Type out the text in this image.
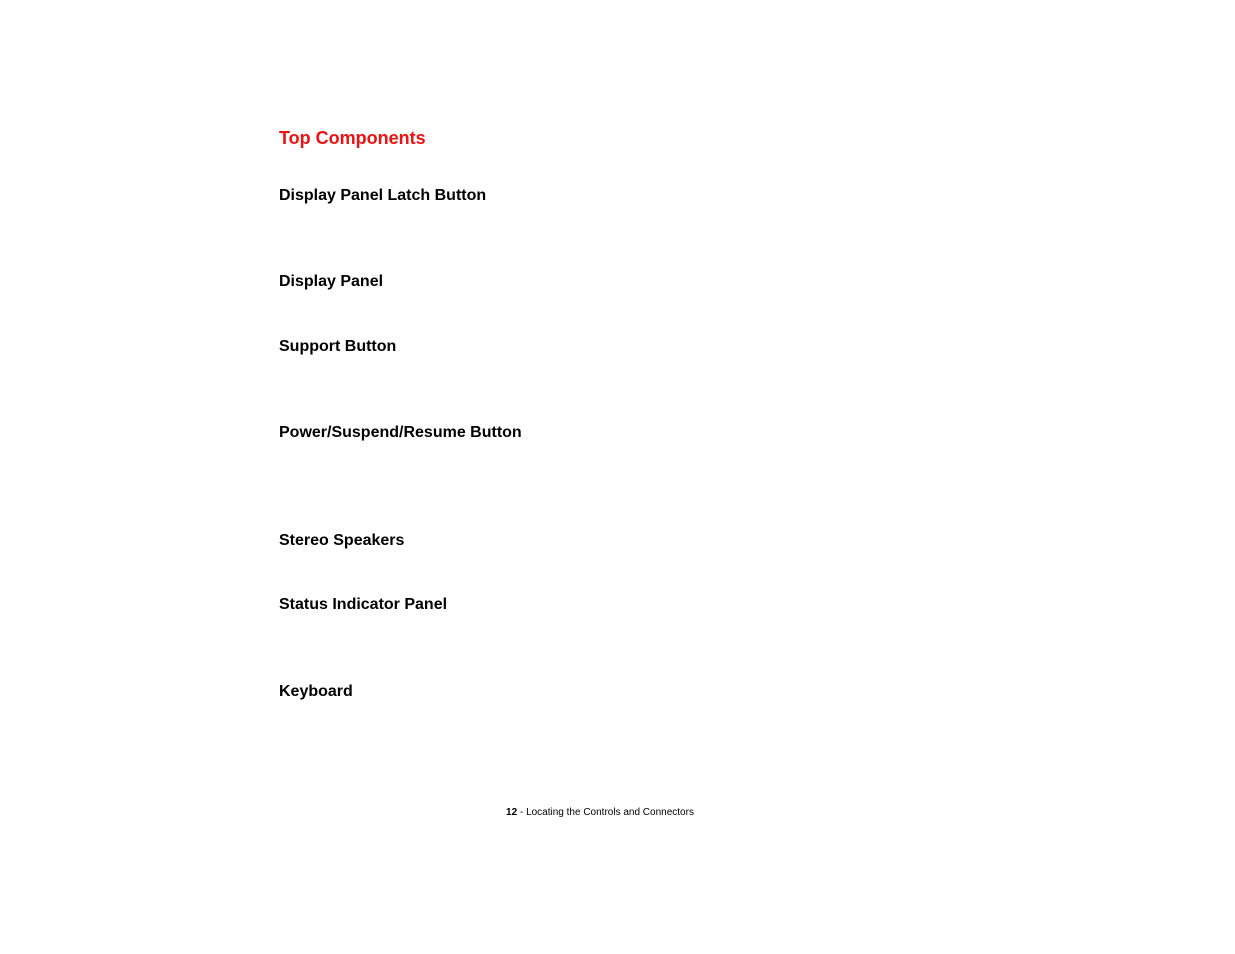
Top Components
Display Panel Latch Button
Display Panel
Support Button
Power/Suspend/Resume Button
Stereo Speakers
Status Indicator Panel
Keyboard
12 - Locating the Controls and Connectors
